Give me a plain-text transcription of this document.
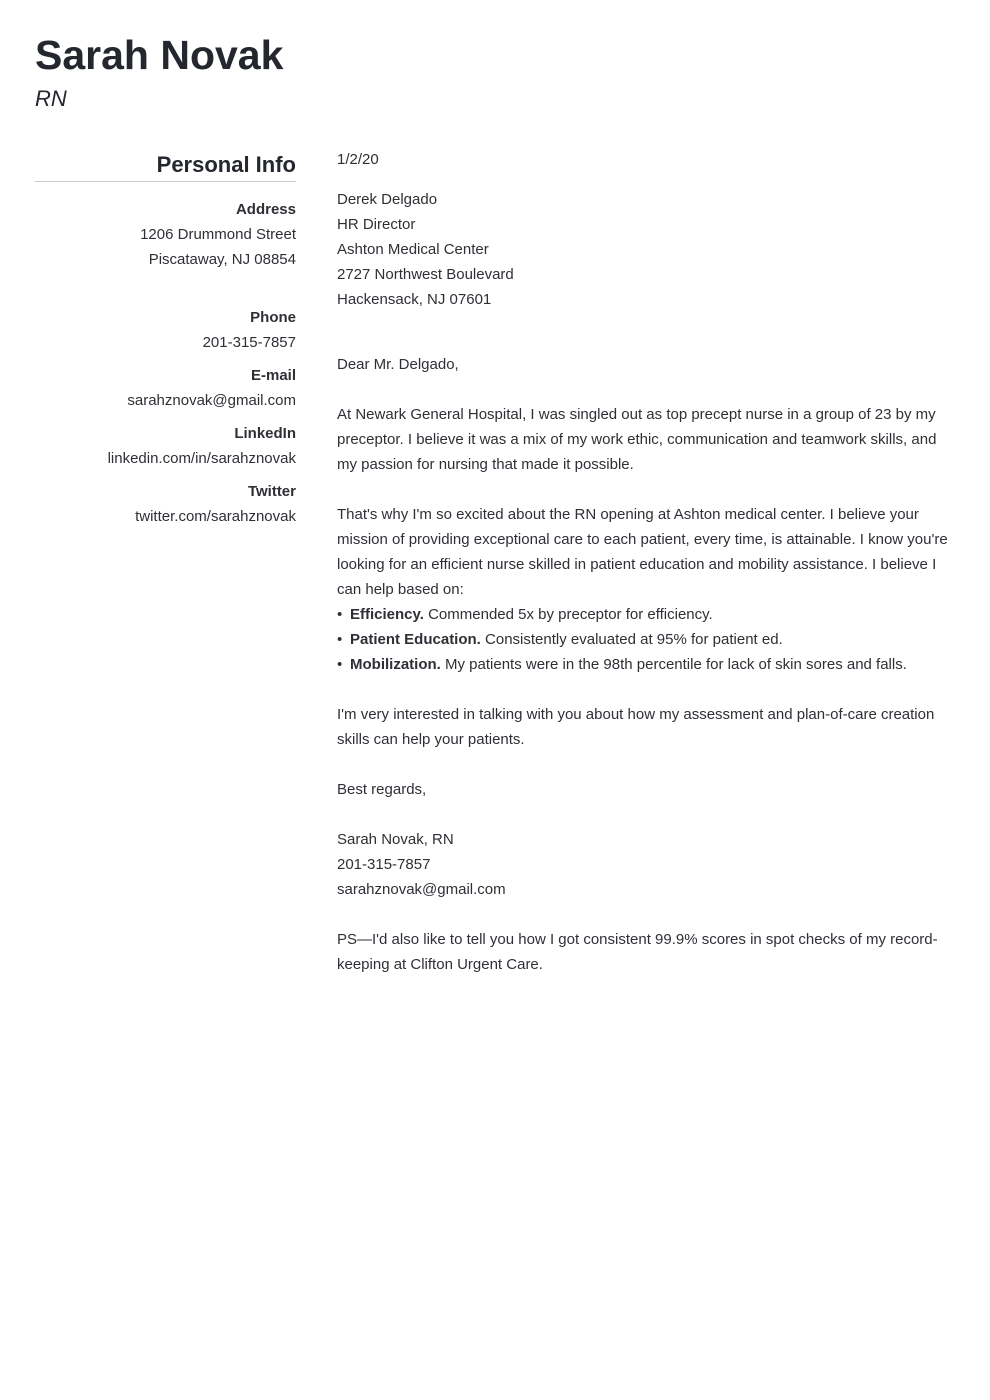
Sarah Novak
RN
Personal Info
Address
1206 Drummond Street
Piscataway, NJ 08854
Phone
201-315-7857
E-mail
sarahznovak@gmail.com
LinkedIn
linkedin.com/in/sarahznovak
Twitter
twitter.com/sarahznovak

1/2/20

Derek Delgado

HR Director

Ashton Medical Center

2727 Northwest Boulevard

Hackensack, NJ 07601

Dear Mr. Delgado,

At Newark General Hospital, I was singled out as top precept nurse in a group of 23 by my preceptor. I believe it was a mix of my work ethic, communication and teamwork skills, and my passion for nursing that made it possible.

That's why I'm so excited about the RN opening at Ashton medical center. I believe your mission of providing exceptional care to each patient, every time, is attainable. I know you're looking for an efficient nurse skilled in patient education and mobility assistance. I believe I can help based on:

• Efficiency. Commended 5x by preceptor for efficiency.
• Patient Education. Consistently evaluated at 95% for patient ed.
• Mobilization. My patients were in the 98th percentile for lack of skin sores and falls.

I'm very interested in talking with you about how my assessment and plan-of-care creation skills can help your patients.

Best regards,

Sarah Novak, RN

201-315-7857

sarahznovak@gmail.com

PS—I'd also like to tell you how I got consistent 99.9% scores in spot checks of my record-keeping at Clifton Urgent Care.
